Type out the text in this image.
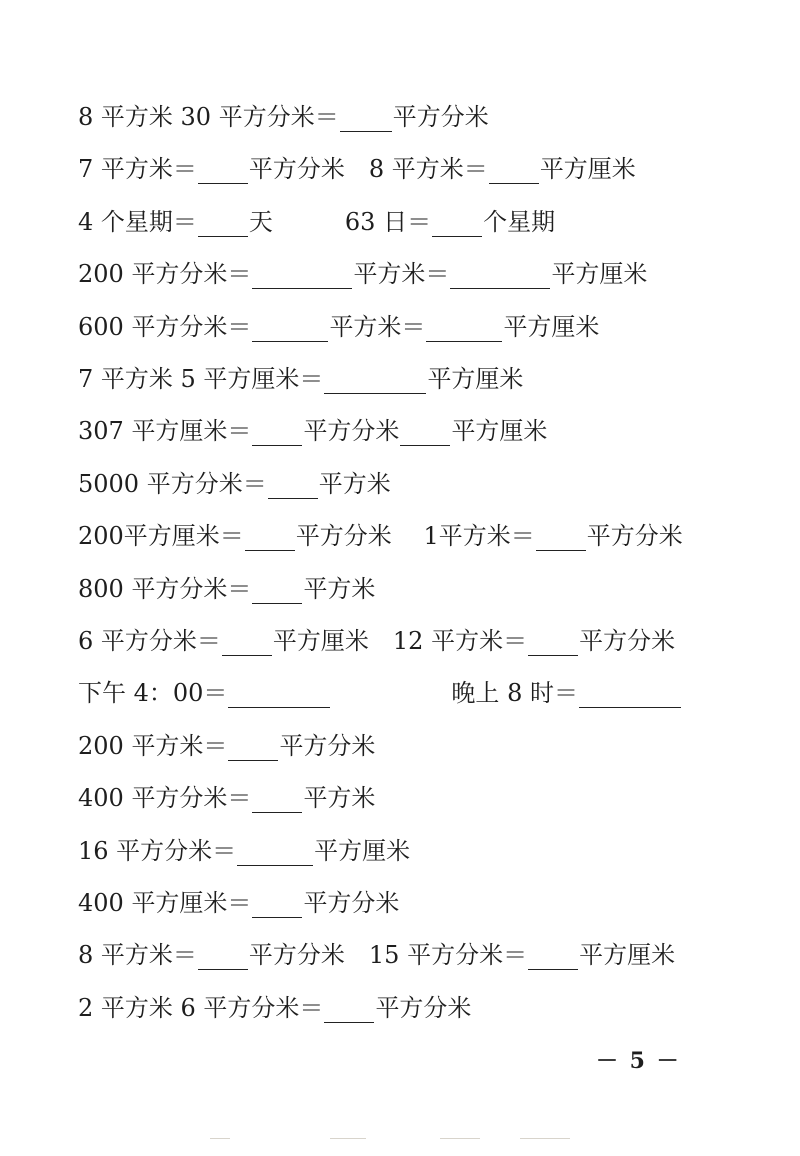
8 平方米 30 平方分米＝ 平方分米
7 平方米＝ 平方分米　8 平方米＝ 平方厘米
4 个星期＝ 天　　　63 日＝ 个星期
200 平方分米＝	平方米＝	平方厘米
600 平方分米＝	平方米＝	平方厘米
7 平方米 5 平方厘米＝	平方厘米
307 平方厘米＝ 平方分米 平方厘米
5000 平方分米＝ 平方米
200平方厘米＝ 平方分米　 1平方米＝ 平方分米
800 平方分米＝ 平方米
6 平方分米＝ 平方厘米　12 平方米＝ 平方分米
下午 4：00＝	　　　　　晚上 8 时＝
200 平方米＝ 平方分米
400 平方分米＝ 平方米
16 平方分米＝	平方厘米
400 平方厘米＝ 平方分米
8 平方米＝ 平方分米　15 平方分米＝ 平方厘米
2 平方米 6 平方分米＝ 平方分米
－ 5 －
